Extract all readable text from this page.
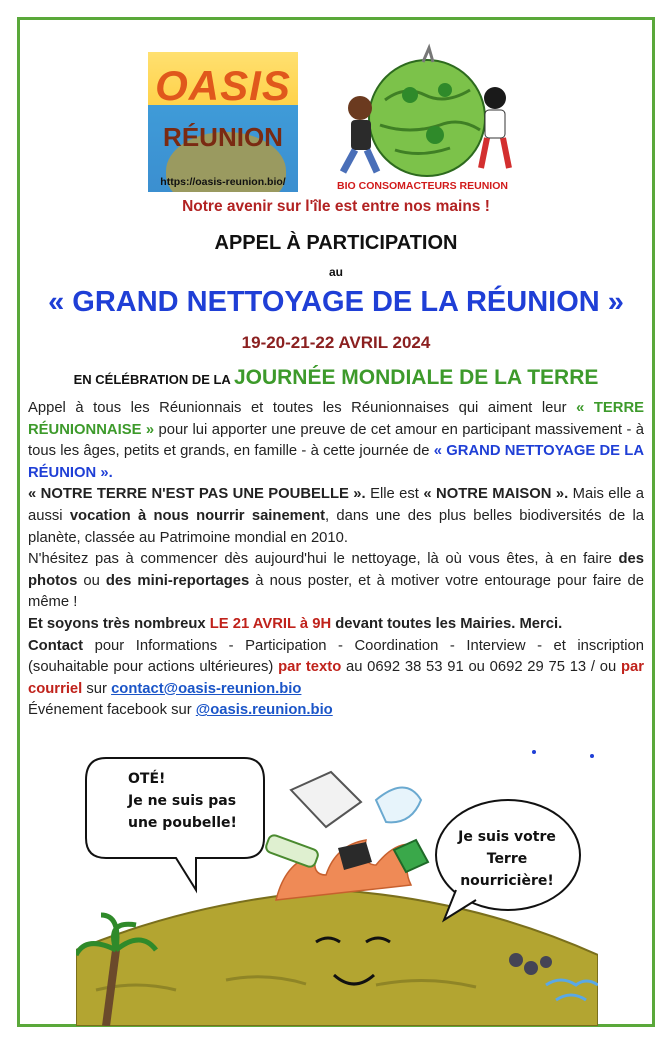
OASIS
RÉUNION
https://oasis-reunion.bio/	BIO CONSOMACTEURS REUNION
Notre avenir sur l'île est entre nos mains !
APPEL À PARTICIPATION
au
« GRAND NETTOYAGE DE LA RÉUNION »
19-20-21-22 AVRIL 2024
EN CÉLÉBRATION DE LA JOURNÉE MONDIALE DE LA TERRE

Appel à tous les Réunionnais et toutes les Réunionnaises qui aiment leur « TERRE RÉUNIONNAISE » pour lui apporter une preuve de cet amour en participant massivement - à tous les âges, petits et grands, en famille - à cette journée de « GRAND NETTOYAGE DE LA RÉUNION ».

« NOTRE TERRE N'EST PAS UNE POUBELLE ». Elle est « NOTRE MAISON ». Mais elle a aussi vocation à nous nourrir sainement, dans une des plus belles biodiversités de la planète, classée au Patrimoine mondial en 2010.

N'hésitez pas à commencer dès aujourd'hui le nettoyage, là où vous êtes, à en faire des photos ou des mini-reportages à nous poster, et à motiver votre entourage pour faire de même !

Et soyons très nombreux LE 21 AVRIL à 9H devant toutes les Mairies. Merci.

Contact pour Informations - Participation - Coordination - Interview - et inscription (souhaitable pour actions ultérieures) par texto au 0692 38 53 91 ou 0692 29 75 13 / ou par courriel sur contact@oasis-reunion.bio

Événement facebook sur @oasis.reunion.bio

OTÉ!
Je ne suis pas
une poubelle!
Je suis votre
Terre
nourricière!
